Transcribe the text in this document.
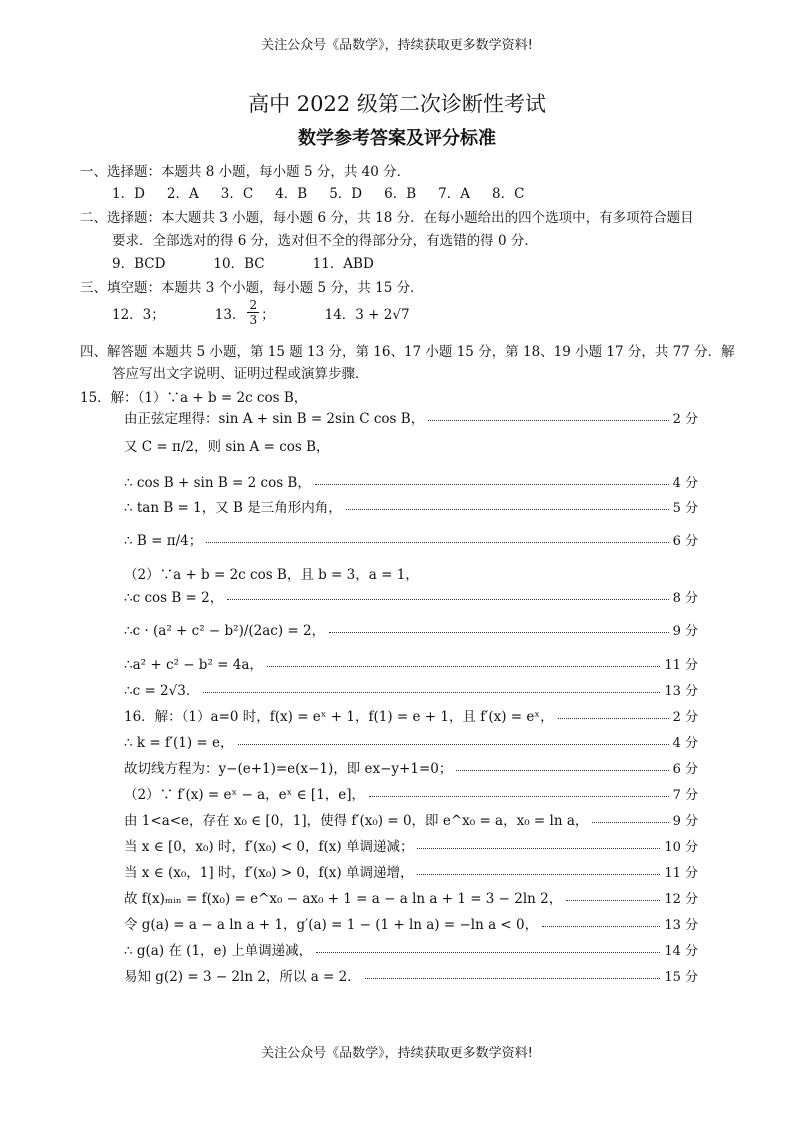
关注公众号《品数学》，持续获取更多数学资料!
高中 2022 级第二次诊断性考试
数学参考答案及评分标准
一、选择题：本题共 8 小题，每小题 5 分，共 40 分．
1．D 2．A 3．C 4．B 5．D 6．B 7．A 8．C
二、选择题：本大题共 3 小题，每小题 6 分，共 18 分．在每小题给出的四个选项中，有多项符合题目
要求．全部选对的得 6 分，选对但不全的得部分分，有选错的得 0 分．
9．BCD	10．BC	11．ABD
三、填空题：本题共 3 个小题，每小题 5 分，共 15 分．
12．3；	13． $\frac{2}{3}$ ；	14．3 + 2√7
四、解答题 本题共 5 小题，第 15 题 13 分，第 16、17 小题 15 分，第 18、19 小题 17 分，共 77 分．解
答应写出文字说明、证明过程或演算步骤．
15．解：（1）∵a + b = 2c cos B，
由正弦定理得：sin A + sin B = 2sin C cos B，	2 分
又 C = π/2，则 sin A = cos B，
∴ cos B + sin B = 2 cos B，	4 分
∴ tan B = 1，又 B 是三角形内角，	5 分
∴ B = π/4；	6 分
（2）∵a + b = 2c cos B，且 b = 3，a = 1，
∴c cos B = 2，	8 分
∴c · (a² + c² − b²)/(2ac) = 2，	9 分
∴a² + c² − b² = 4a，	11 分
∴c = 2√3．	13 分
16．解：（1）a=0 时，f(x) = eˣ + 1，f(1) = e + 1，且 f′(x) = eˣ，	2 分
∴ k = f′(1) = e，	4 分
故切线方程为：y−(e+1)=e(x−1)，即 ex−y+1=0；	6 分
（2）∵ f′(x) = eˣ − a，eˣ ∈ [1，e]，	7 分
由 1<a<e，存在 x₀ ∈ [0，1]，使得 f′(x₀) = 0，即 e^x₀ = a，x₀ = ln a，	9 分
当 x ∈ [0，x₀) 时，f′(x₀) < 0，f(x) 单调递减；	10 分
当 x ∈ (x₀，1] 时，f′(x₀) > 0，f(x) 单调递增，	11 分
故 f(x)ₘᵢₙ = f(x₀) = e^x₀ − ax₀ + 1 = a − a ln a + 1 = 3 − 2ln 2，	12 分
令 g(a) = a − a ln a + 1，g′(a) = 1 − (1 + ln a) = −ln a < 0，	13 分
∴ g(a) 在 (1，e) 上单调递减，	14 分
易知 g(2) = 3 − 2ln 2，所以 a = 2．	15 分
关注公众号《品数学》，持续获取更多数学资料!
